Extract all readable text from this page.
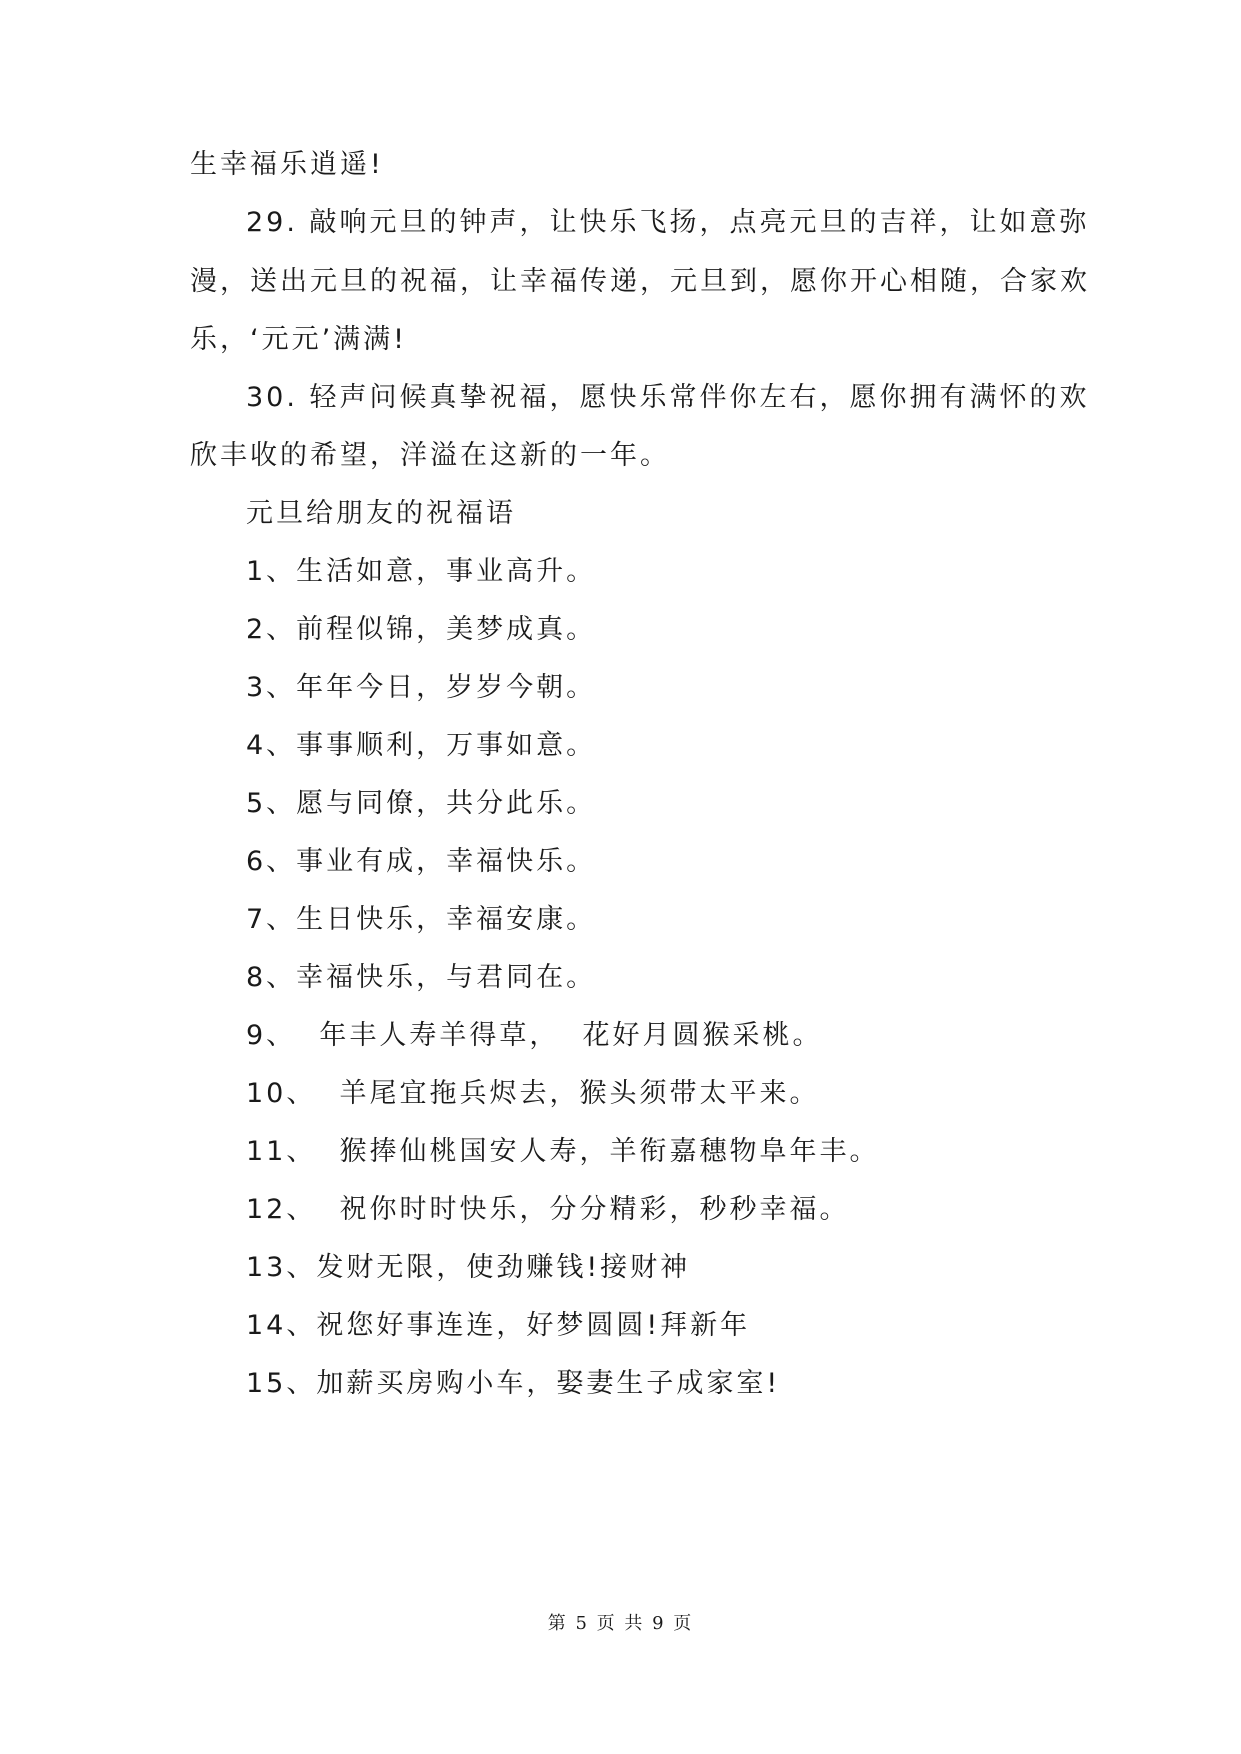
生幸福乐逍遥!
29. 敲响元旦的钟声，让快乐飞扬，点亮元旦的吉祥，让如意弥
漫，送出元旦的祝福，让幸福传递，元旦到，愿你开心相随，合家欢
乐，‘元元’满满!
30. 轻声问候真挚祝福，愿快乐常伴你左右，愿你拥有满怀的欢
欣丰收的希望，洋溢在这新的一年。
元旦给朋友的祝福语
1、生活如意，事业高升。
2、前程似锦，美梦成真。
3、年年今日，岁岁今朝。
4、事事顺利，万事如意。
5、愿与同僚，共分此乐。
6、事业有成，幸福快乐。
7、生日快乐，幸福安康。
8、幸福快乐，与君同在。
9、  年丰人寿羊得草，  花好月圆猴采桃。
10、  羊尾宜拖兵烬去，猴头须带太平来。
11、  猴捧仙桃国安人寿，羊衔嘉穗物阜年丰。
12、  祝你时时快乐，分分精彩，秒秒幸福。
13、发财无限，使劲赚钱!接财神
14、祝您好事连连，好梦圆圆!拜新年
15、加薪买房购小车，娶妻生子成家室!
第 5 页 共 9 页
